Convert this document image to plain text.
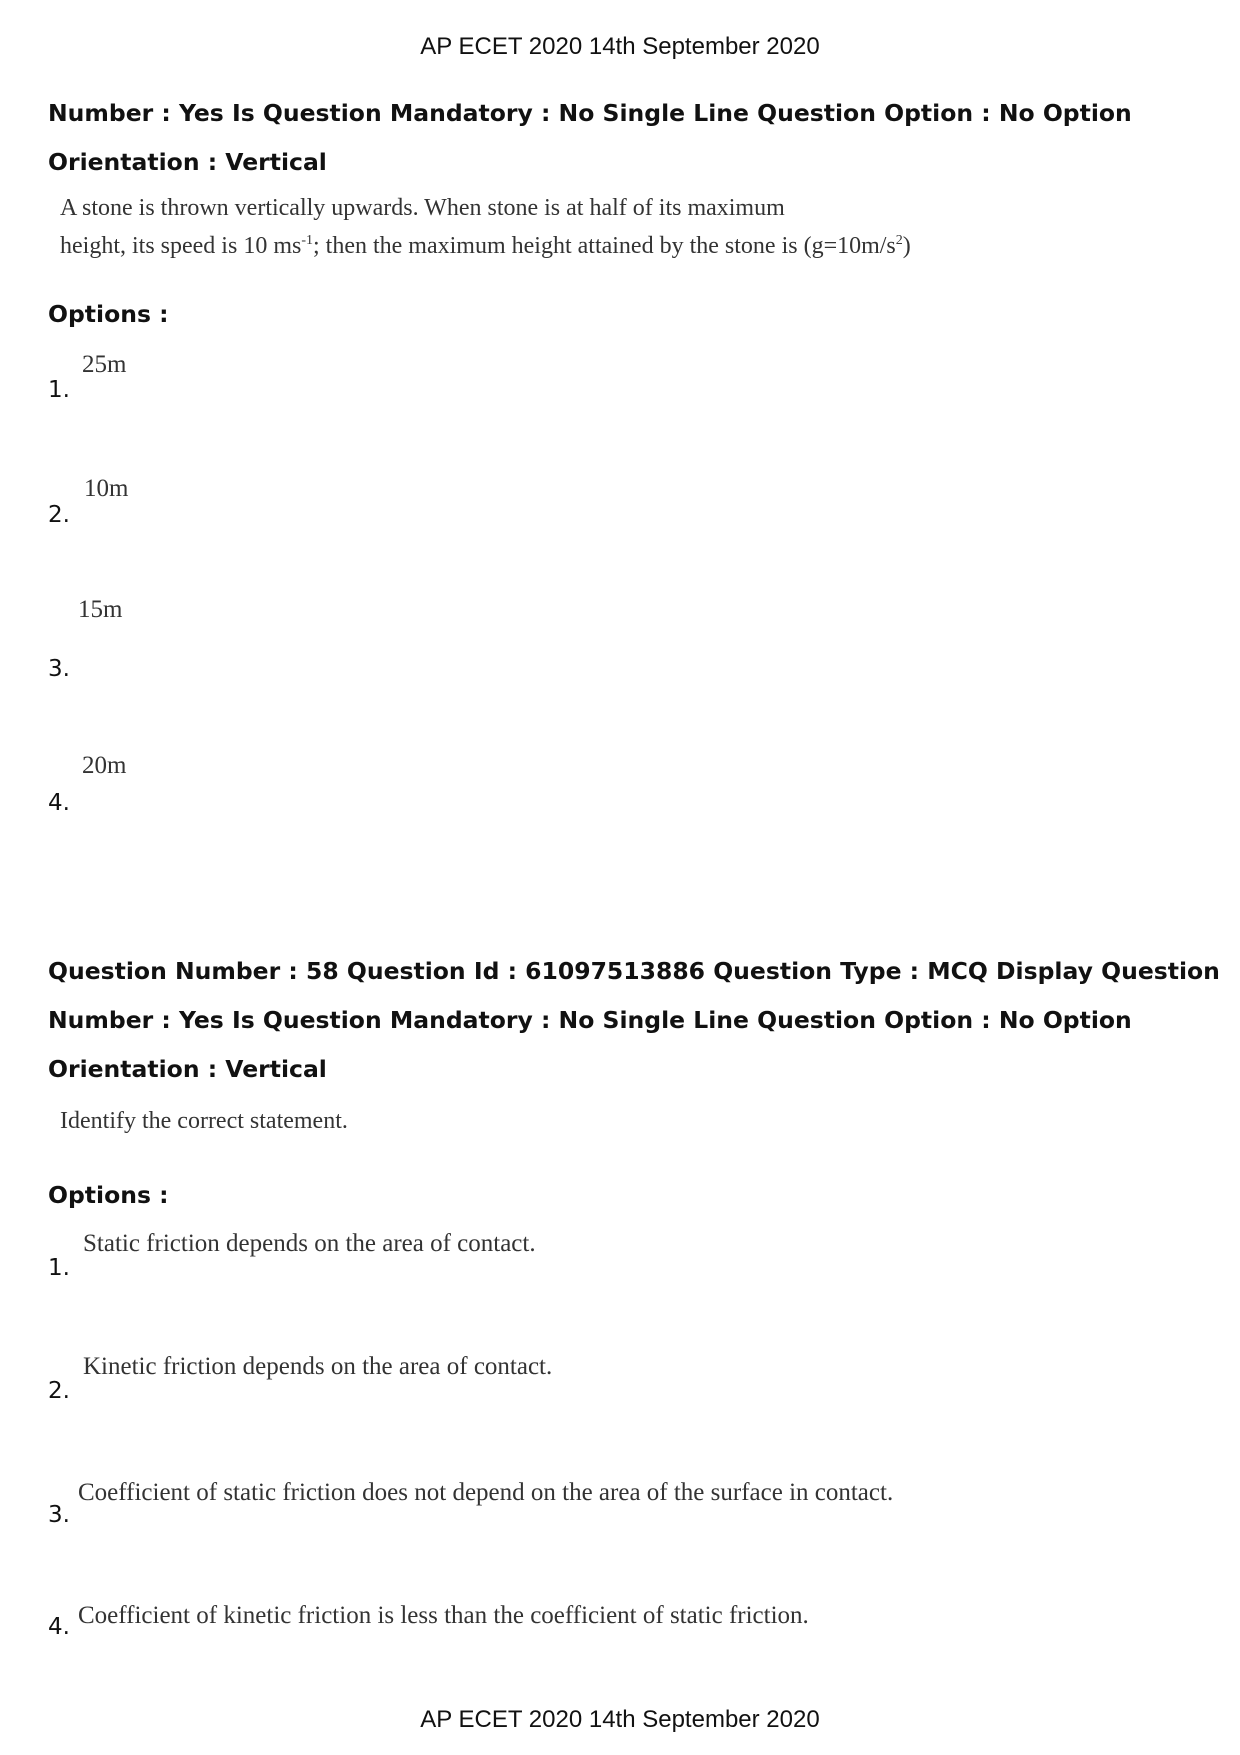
AP ECET 2020 14th September 2020
Number : Yes Is Question Mandatory : No Single Line Question Option : No Option
Orientation : Vertical
A stone is thrown vertically upwards. When stone is at half of its maximum
height, its speed is 10 $ms^{-1}$; then the maximum height attained by the stone is $(g=10m/s^2)$
Options :
25m
1.
10m
2.
15m
3.
20m
4.
Question Number : 58 Question Id : 61097513886 Question Type : MCQ Display Question
Number : Yes Is Question Mandatory : No Single Line Question Option : No Option
Orientation : Vertical
Identify the correct statement.
Options :
Static friction depends on the area of contact.
1.
Kinetic friction depends on the area of contact.
2.
Coefficient of static friction does not depend on the area of the surface in contact.
3.
Coefficient of kinetic friction is less than the coefficient of static friction.
4.
AP ECET 2020 14th September 2020
